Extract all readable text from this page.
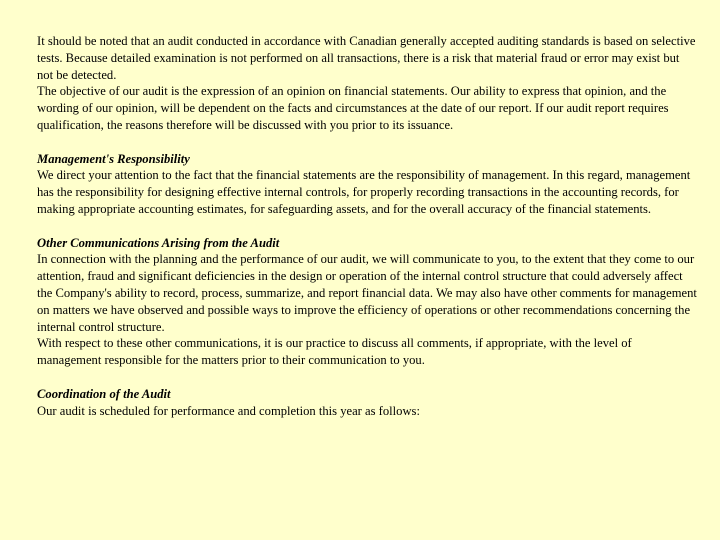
It should be noted that an audit conducted in accordance with Canadian generally accepted auditing standards is based on selective tests. Because detailed examination is not performed on all transactions, there is a risk that material fraud or error may exist but not be detected.

The objective of our audit is the expression of an opinion on financial statements. Our ability to express that opinion, and the wording of our opinion, will be dependent on the facts and circumstances at the date of our report. If our audit report requires qualification, the reasons therefore will be discussed with you prior to its issuance.

Management's Responsibility

We direct your attention to the fact that the financial statements are the responsibility of management. In this regard, management has the responsibility for designing effective internal controls, for properly recording transactions in the accounting records, for making appropriate accounting estimates, for safeguarding assets, and for the overall accuracy of the financial statements.

Other Communications Arising from the Audit

In connection with the planning and the performance of our audit, we will communicate to you, to the extent that they come to our attention, fraud and significant deficiencies in the design or operation of the internal control structure that could adversely affect the Company's ability to record, process, summarize, and report financial data. We may also have other comments for management on matters we have observed and possible ways to improve the efficiency of operations or other recommendations concerning the internal control structure.

With respect to these other communications, it is our practice to discuss all comments, if appropriate, with the level of management responsible for the matters prior to their communication to you.

Coordination of the Audit

Our audit is scheduled for performance and completion this year as follows:
